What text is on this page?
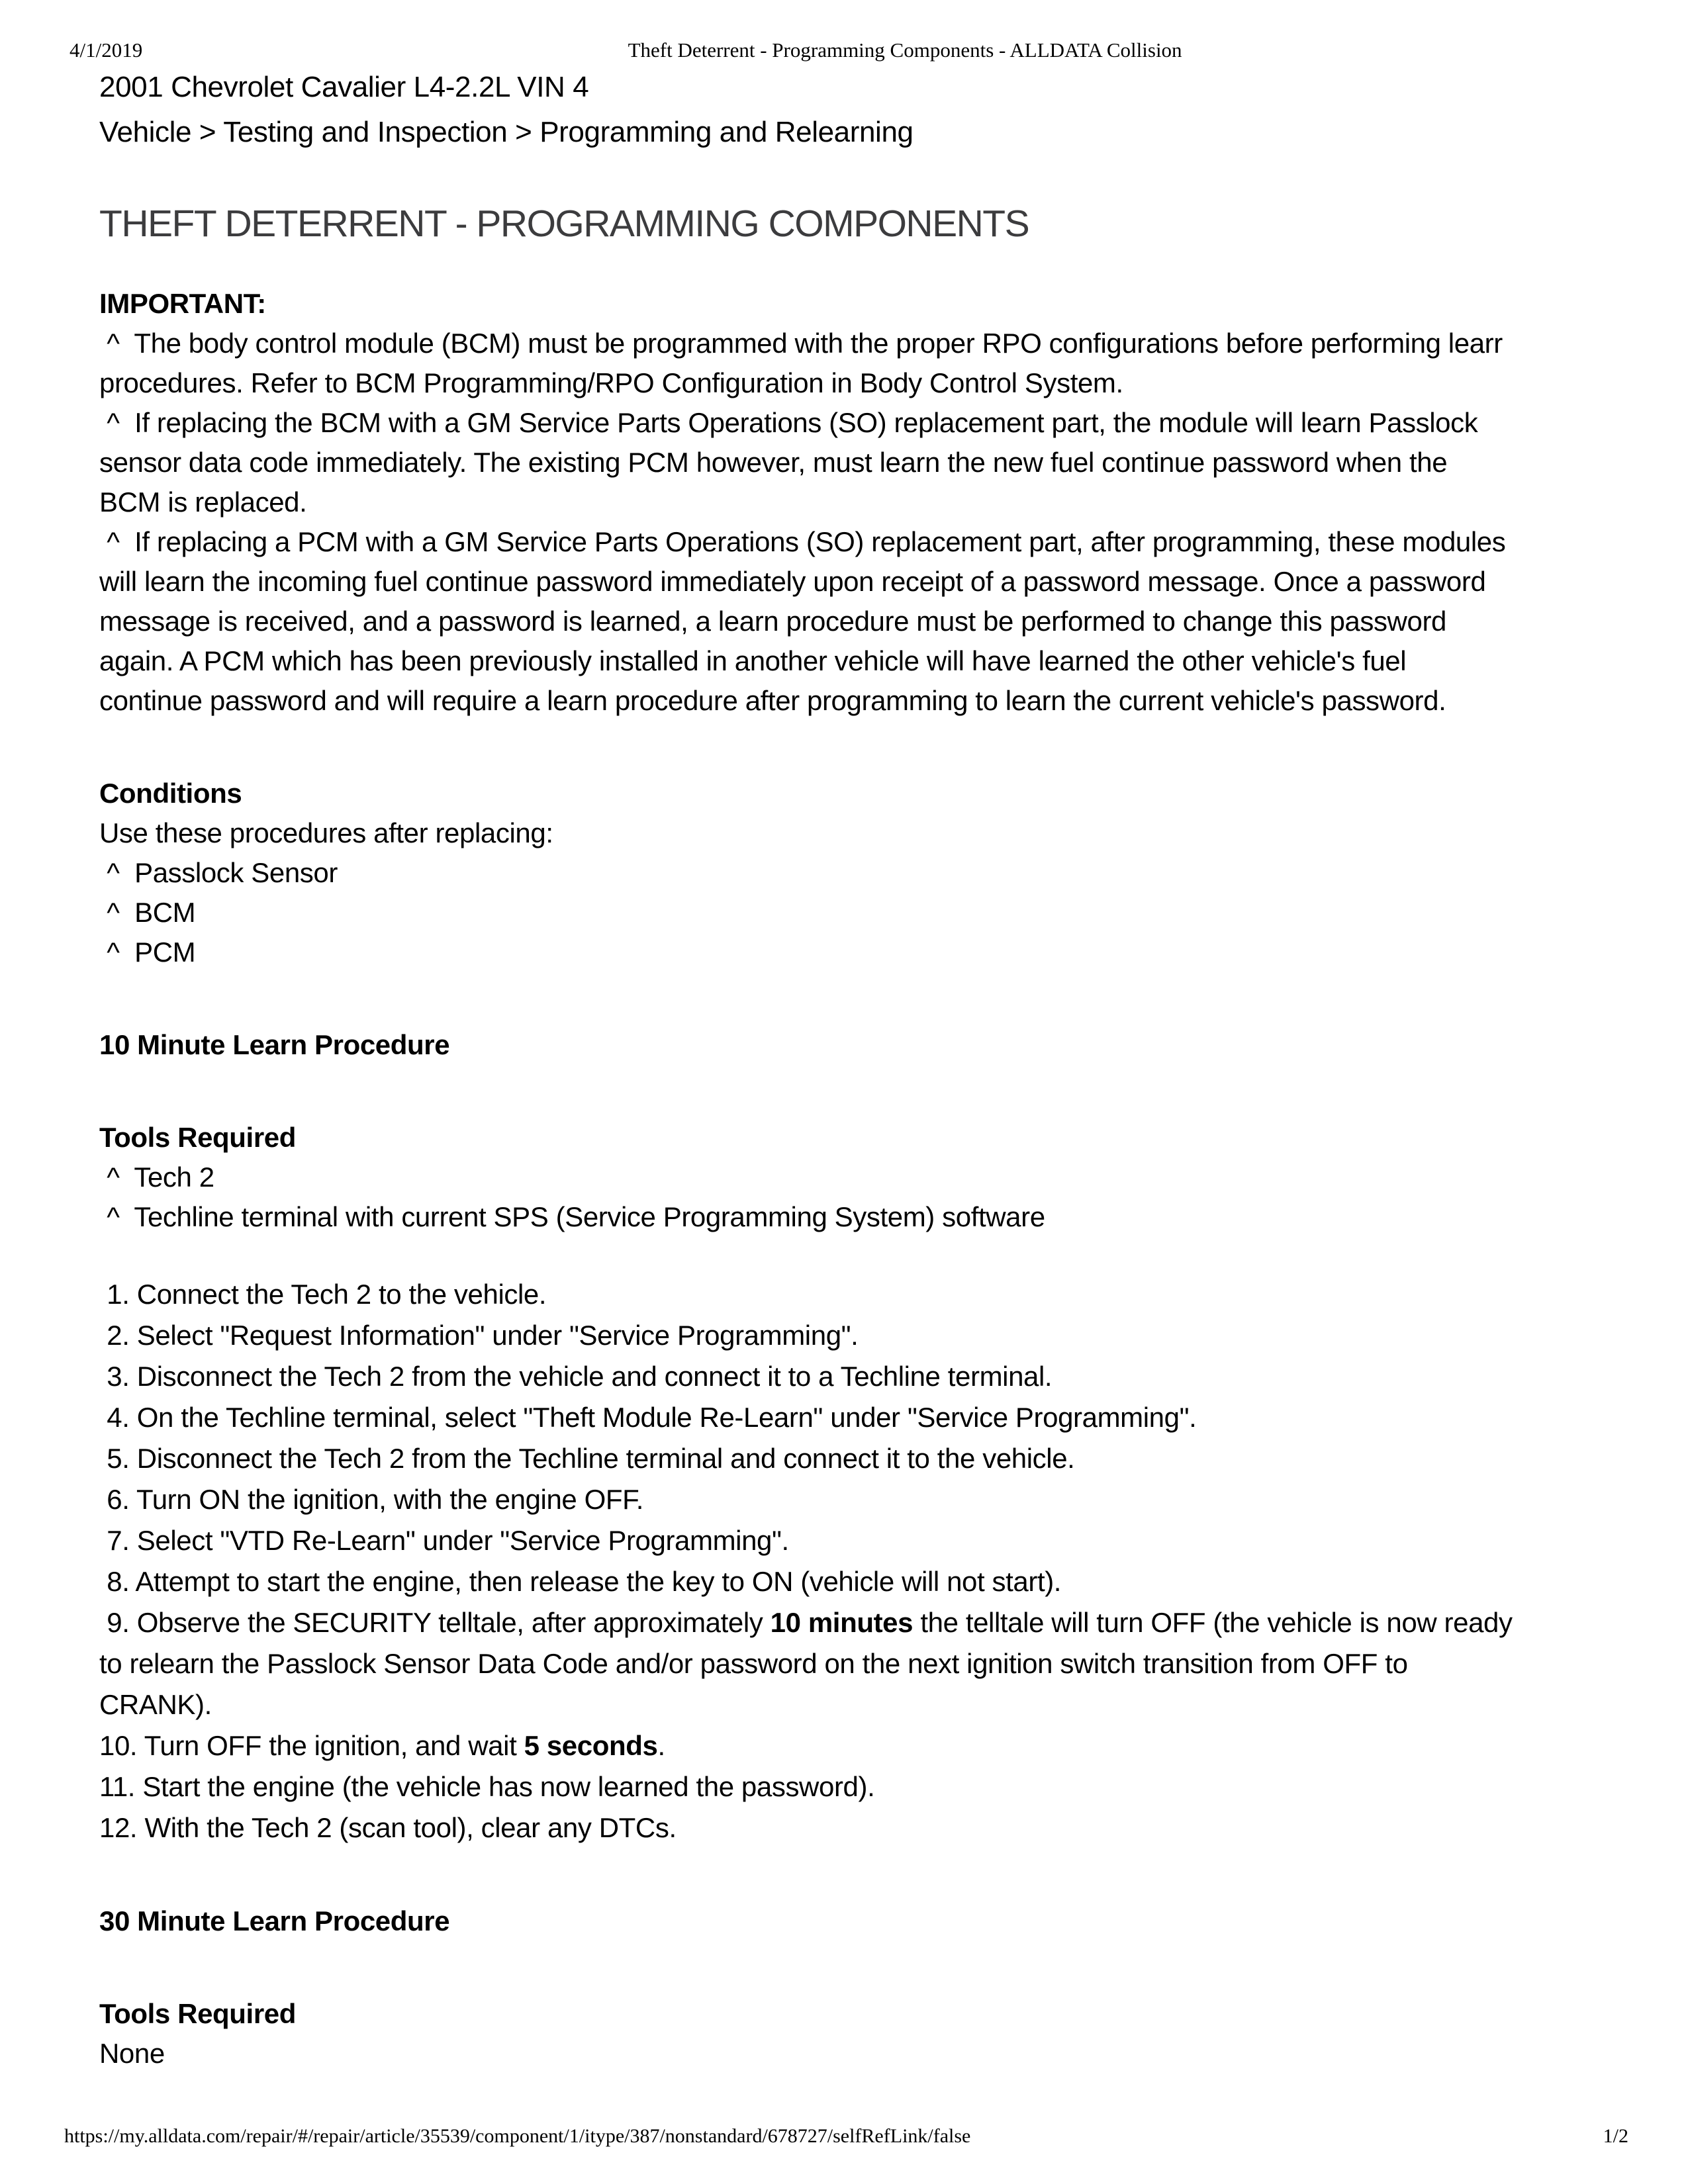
4/1/2019	Theft Deterrent - Programming Components - ALLDATA Collision
2001 Chevrolet Cavalier L4-2.2L VIN 4
Vehicle > Testing and Inspection > Programming and Relearning
THEFT DETERRENT - PROGRAMMING COMPONENTS
IMPORTANT:
^  The body control module (BCM) must be programmed with the proper RPO configurations before performing learr
procedures. Refer to BCM Programming/RPO Configuration in Body Control System.
^  If replacing the BCM with a GM Service Parts Operations (SO) replacement part, the module will learn Passlock
sensor data code immediately. The existing PCM however, must learn the new fuel continue password when the
BCM is replaced.
^  If replacing a PCM with a GM Service Parts Operations (SO) replacement part, after programming, these modules
will learn the incoming fuel continue password immediately upon receipt of a password message. Once a password
message is received, and a password is learned, a learn procedure must be performed to change this password
again. A PCM which has been previously installed in another vehicle will have learned the other vehicle's fuel
continue password and will require a learn procedure after programming to learn the current vehicle's password.
Conditions
Use these procedures after replacing:
^  Passlock Sensor
^  BCM
^  PCM
10 Minute Learn Procedure
Tools Required
^  Tech 2
^  Techline terminal with current SPS (Service Programming System) software
1. Connect the Tech 2 to the vehicle.
2. Select "Request Information" under "Service Programming".
3. Disconnect the Tech 2 from the vehicle and connect it to a Techline terminal.
4. On the Techline terminal, select "Theft Module Re-Learn" under "Service Programming".
5. Disconnect the Tech 2 from the Techline terminal and connect it to the vehicle.
6. Turn ON the ignition, with the engine OFF.
7. Select "VTD Re-Learn" under "Service Programming".
8. Attempt to start the engine, then release the key to ON (vehicle will not start).
9. Observe the SECURITY telltale, after approximately 10 minutes the telltale will turn OFF (the vehicle is now ready
to relearn the Passlock Sensor Data Code and/or password on the next ignition switch transition from OFF to
CRANK).
10. Turn OFF the ignition, and wait 5 seconds.
11. Start the engine (the vehicle has now learned the password).
12. With the Tech 2 (scan tool), clear any DTCs.
30 Minute Learn Procedure
Tools Required
None
https://my.alldata.com/repair/#/repair/article/35539/component/1/itype/387/nonstandard/678727/selfRefLink/false	1/2
